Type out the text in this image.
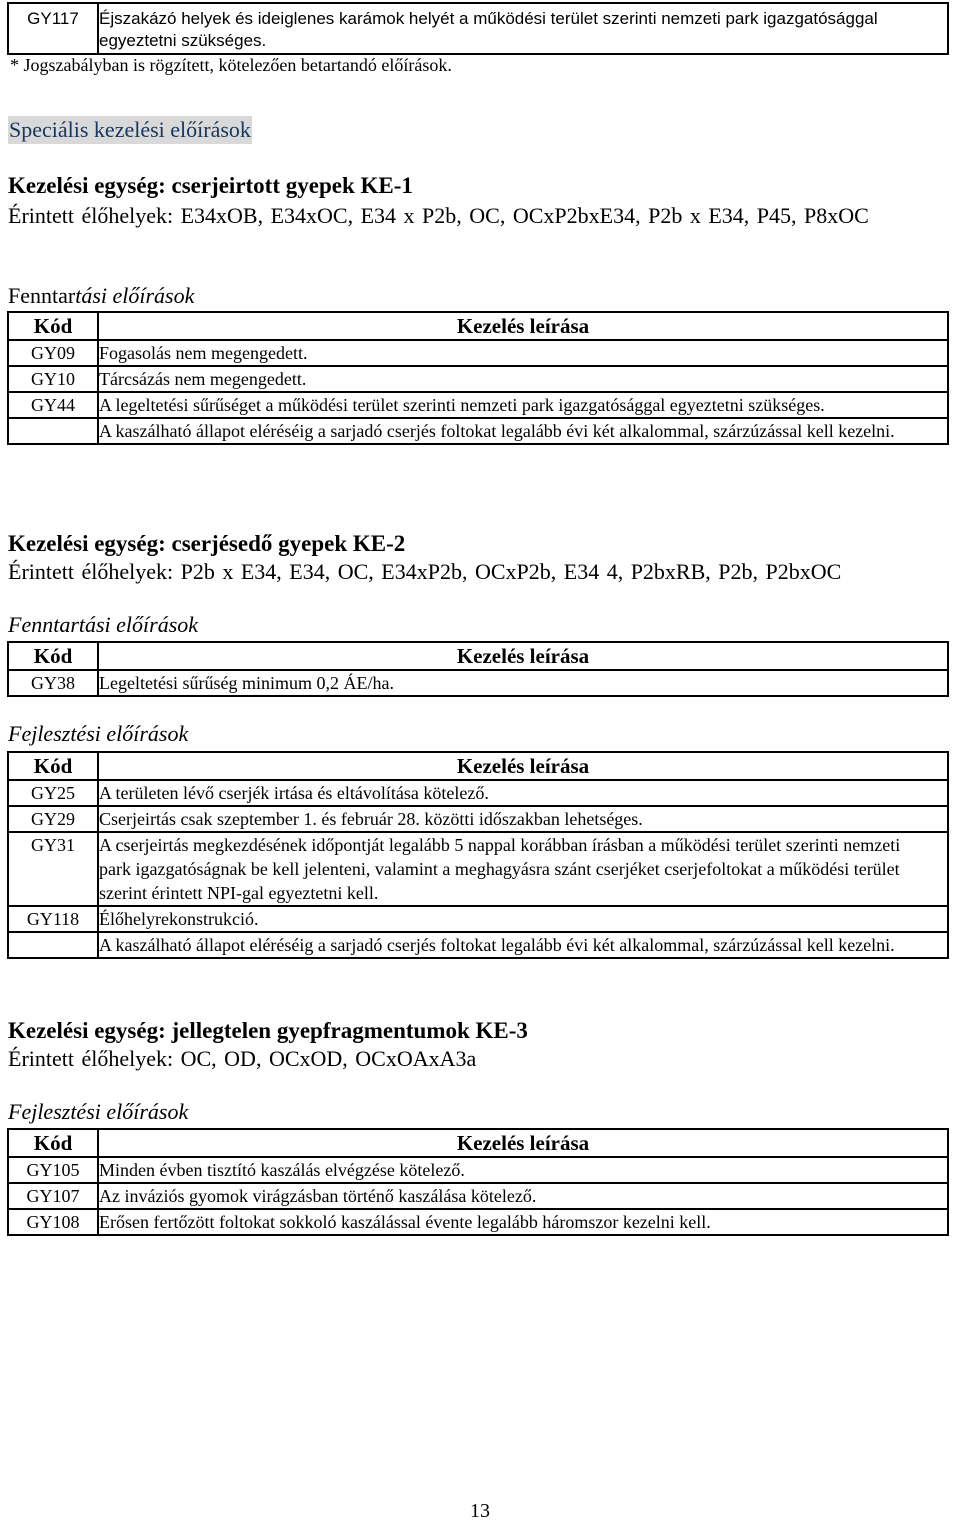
GY117	Éjszakázó helyek és ideiglenes karámok helyét a működési terület szerinti nemzeti park igazgatósággal egyeztetni szükséges.
* Jogszabályban is rögzített, kötelezően betartandó előírások.
Speciális kezelési előírások
Kezelési egység: cserjeirtott gyepek KE-1
Érintett élőhelyek: E34xOB, E34xOC, E34 x P2b, OC, OCxP2bxE34, P2b x E34, P45, P8xOC
Fenntartási előírások
Kód	Kezelés leírása
GY09	Fogasolás nem megengedett.
GY10	Tárcsázás nem megengedett.
GY44	A legeltetési sűrűséget a működési terület szerinti nemzeti park igazgatósággal egyeztetni szükséges.
	A kaszálható állapot eléréséig a sarjadó cserjés foltokat legalább évi két alkalommal, szárzúzással kell kezelni.
Kezelési egység: cserjésedő gyepek KE-2
Érintett élőhelyek: P2b x E34, E34, OC, E34xP2b, OCxP2b, E34 4, P2bxRB, P2b, P2bxOC
Fenntartási előírások
Kód	Kezelés leírása
GY38	Legeltetési sűrűség minimum 0,2 ÁE/ha.
Fejlesztési előírások
Kód	Kezelés leírása
GY25	A területen lévő cserjék irtása és eltávolítása kötelező.
GY29	Cserjeirtás csak szeptember 1. és február 28. közötti időszakban lehetséges.
GY31	A cserjeirtás megkezdésének időpontját legalább 5 nappal korábban írásban a működési terület szerinti nemzeti park igazgatóságnak be kell jelenteni, valamint a meghagyásra szánt cserjéket cserjefoltokat a működési terület szerint érintett NPI-gal egyeztetni kell.
GY118	Élőhelyrekonstrukció.
	A kaszálható állapot eléréséig a sarjadó cserjés foltokat legalább évi két alkalommal, szárzúzással kell kezelni.
Kezelési egység: jellegtelen gyepfragmentumok KE-3
Érintett élőhelyek: OC, OD, OCxOD, OCxOAxA3a
Fejlesztési előírások
Kód	Kezelés leírása
GY105	Minden évben tisztító kaszálás elvégzése kötelező.
GY107	Az inváziós gyomok virágzásban történő kaszálása kötelező.
GY108	Erősen fertőzött foltokat sokkoló kaszálással évente legalább háromszor kezelni kell.
13
